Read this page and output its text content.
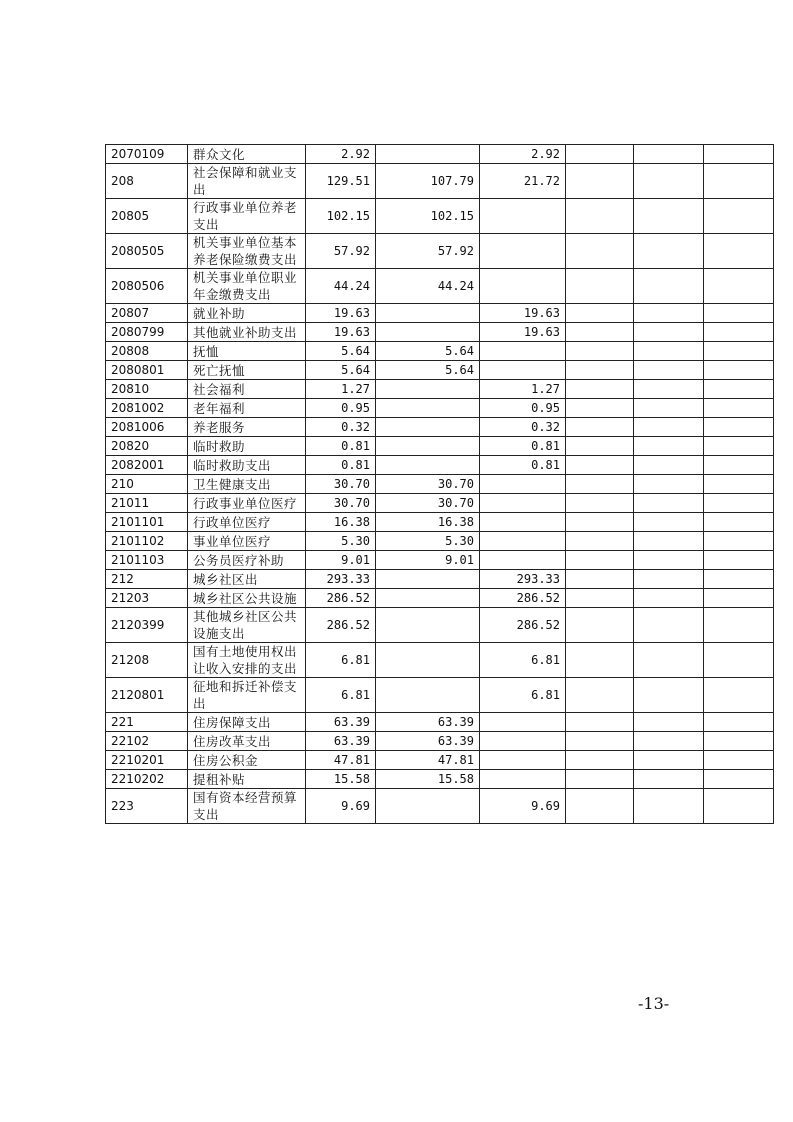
2070109	群众文化	2.92		2.92			
208	社会保障和就业支出	129.51	107.79	21.72			
20805	行政事业单位养老支出	102.15	102.15				
2080505	机关事业单位基本养老保险缴费支出	57.92	57.92				
2080506	机关事业单位职业年金缴费支出	44.24	44.24				
20807	就业补助	19.63		19.63			
2080799	其他就业补助支出	19.63		19.63			
20808	抚恤	5.64	5.64				
2080801	死亡抚恤	5.64	5.64				
20810	社会福利	1.27		1.27			
2081002	老年福利	0.95		0.95			
2081006	养老服务	0.32		0.32			
20820	临时救助	0.81		0.81			
2082001	临时救助支出	0.81		0.81			
210	卫生健康支出	30.70	30.70				
21011	行政事业单位医疗	30.70	30.70				
2101101	行政单位医疗	16.38	16.38				
2101102	事业单位医疗	5.30	5.30				
2101103	公务员医疗补助	9.01	9.01				
212	城乡社区出	293.33		293.33			
21203	城乡社区公共设施	286.52		286.52			
2120399	其他城乡社区公共设施支出	286.52		286.52			
21208	国有土地使用权出让收入安排的支出	6.81		6.81			
2120801	征地和拆迁补偿支出	6.81		6.81			
221	住房保障支出	63.39	63.39				
22102	住房改革支出	63.39	63.39				
2210201	住房公积金	47.81	47.81				
2210202	提租补贴	15.58	15.58				
223	国有资本经营预算支出	9.69		9.69			
-13-
